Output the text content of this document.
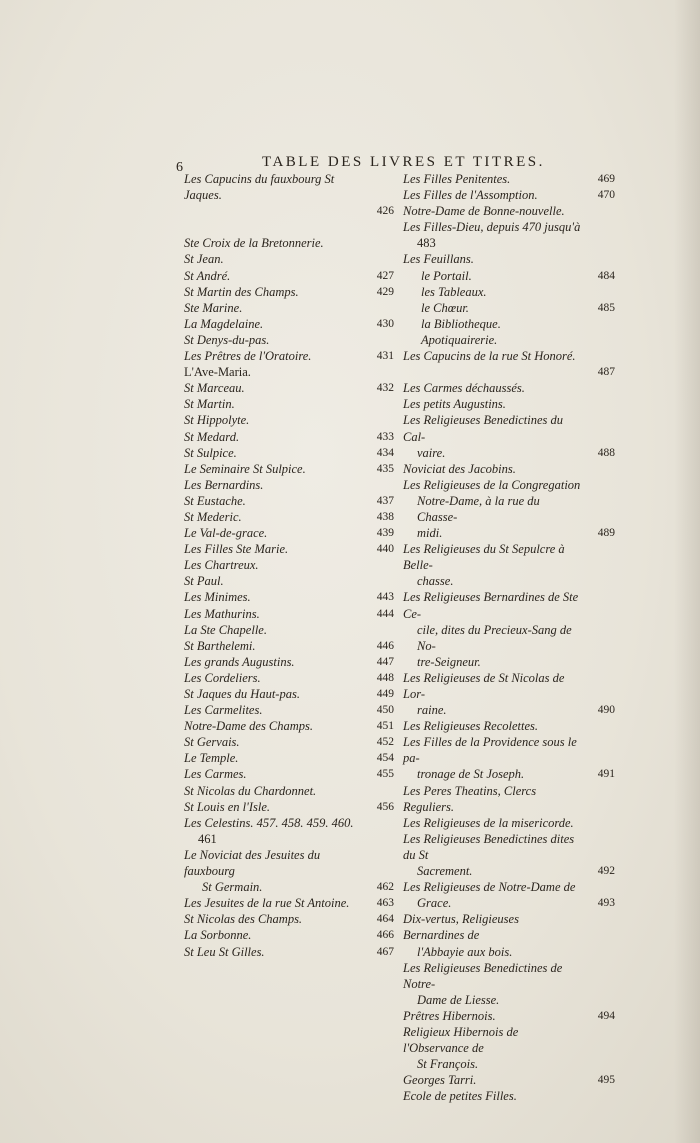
6	TABLE DES LIVRES ET TITRES.
Les Capucins du fauxbourg St Jaques.
426
Ste Croix de la Bretonnerie.
St Jean.
St André.	427
St Martin des Champs.	429
Ste Marine.
La Magdelaine.	430
St Denys-du-pas.
Les Prêtres de l'Oratoire.	431
L'Ave-Maria.
St Marceau.	432
St Martin.
St Hippolyte.
St Medard.	433
St Sulpice.	434
Le Seminaire St Sulpice.	435
Les Bernardins.
St Eustache.	437
St Mederic.	438
Le Val-de-grace.	439
Les Filles Ste Marie.	440
Les Chartreux.
St Paul.
Les Minimes.	443
Les Mathurins.	444
La Ste Chapelle.
St Barthelemi.	446
Les grands Augustins.	447
Les Cordeliers.	448
St Jaques du Haut-pas.	449
Les Carmelites.	450
Notre-Dame des Champs.	451
St Gervais.	452
Le Temple.	454
Les Carmes.	455
St Nicolas du Chardonnet.
St Louis en l'Isle.	456
Les Celestins. 457. 458. 459. 460.
461
Le Noviciat des Jesuites du fauxbourg
St Germain.	462
Les Jesuites de la rue St Antoine. 463
St Nicolas des Champs.	464
La Sorbonne.	466
St Leu St Gilles.	467
Les Filles Penitentes.	469
Les Filles de l'Assomption.	470
Notre-Dame de Bonne-nouvelle.
Les Filles-Dieu, depuis 470 jusqu'à
483
Les Feuillans.
le Portail.	484
les Tableaux.
le Chœur.	485
la Bibliotheque.
Apotiquairerie.
Les Capucins de la rue St Honoré.
487
Les Carmes déchaussés.
Les petits Augustins.
Les Religieuses Benedictines du Cal-
vaire.	488
Noviciat des Jacobins.
Les Religieuses de la Congregation
Notre-Dame, à la rue du Chasse-
midi.	489
Les Religieuses du St Sepulcre à Belle-
chasse.
Les Religieuses Bernardines de Ste Ce-
cile, dites du Precieux-Sang de No-
tre-Seigneur.
Les Religieuses de St Nicolas de Lor-
raine.	490
Les Religieuses Recolettes.
Les Filles de la Providence sous le pa-
tronage de St Joseph.	491
Les Peres Theatins, Clercs Reguliers.
Les Religieuses de la misericorde.
Les Religieuses Benedictines dites du St
Sacrement.	492
Les Religieuses de Notre-Dame de
Grace.	493
Dix-vertus, Religieuses Bernardines de
l'Abbayie aux bois.
Les Religieuses Benedictines de Notre-
Dame de Liesse.
Prêtres Hibernois.	494
Religieux Hibernois de l'Observance de
St François.
Georges Tarri.	495
Ecole de petites Filles.
